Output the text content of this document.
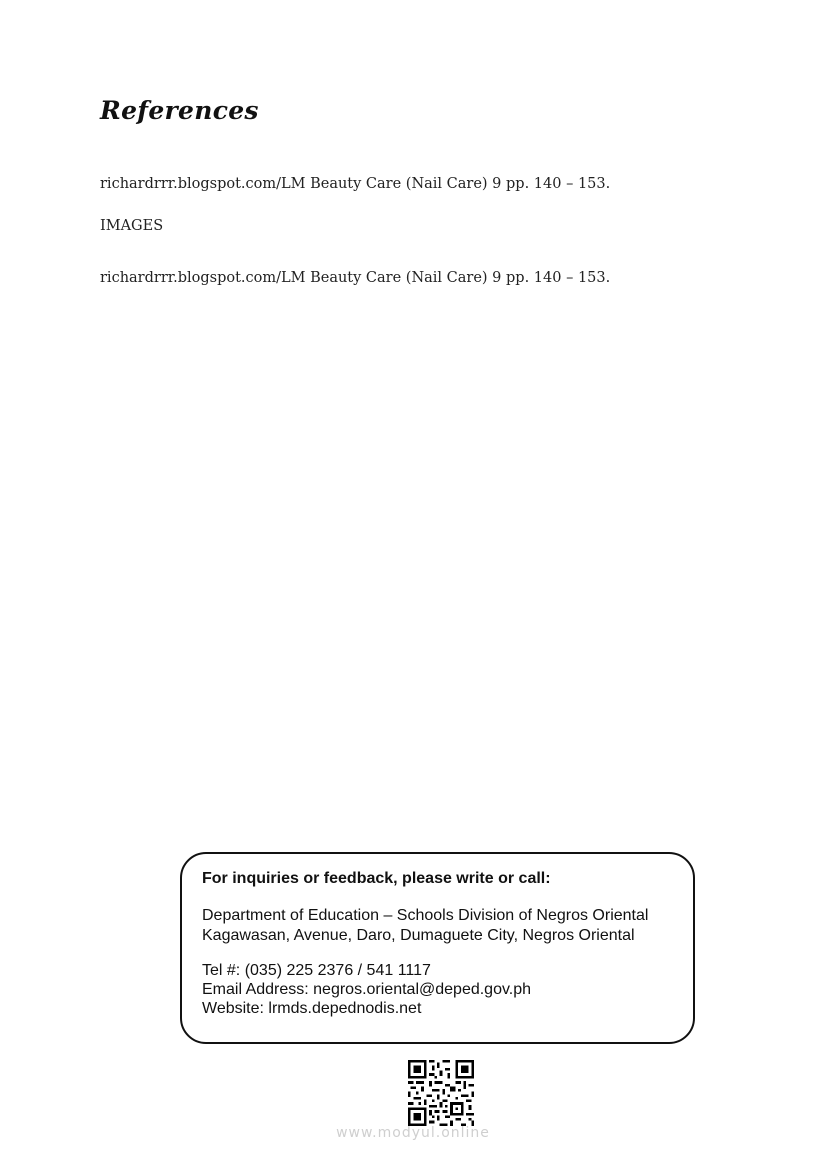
References
richardrrr.blogspot.com/LM Beauty Care (Nail Care) 9 pp. 140 – 153.
IMAGES
richardrrr.blogspot.com/LM Beauty Care (Nail Care) 9 pp. 140 – 153.
For inquiries or feedback, please write or call:
Department of Education – Schools Division of Negros Oriental
Kagawasan, Avenue, Daro, Dumaguete City, Negros Oriental
Tel #: (035) 225 2376 / 541 1117
Email Address: negros.oriental@deped.gov.ph
Website: lrmds.depednodis.net
www.modyul.online
